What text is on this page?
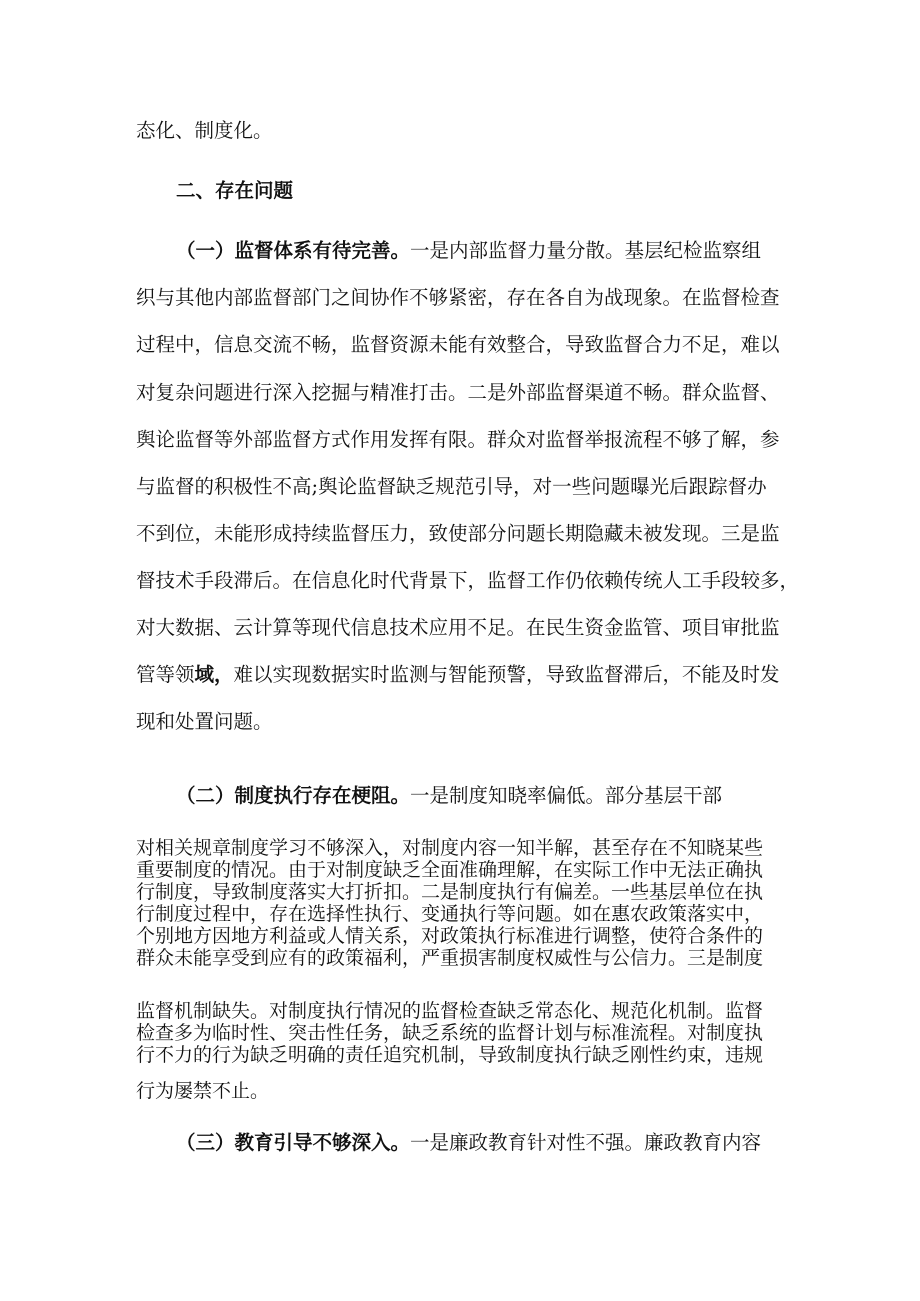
态化、制度化。
二、存在问题
（一）监督体系有待完善。一是内部监督力量分散。基层纪检监察组
织与其他内部监督部门之间协作不够紧密，存在各自为战现象。在监督检查
过程中，信息交流不畅，监督资源未能有效整合，导致监督合力不足，难以
对复杂问题进行深入挖掘与精准打击。二是外部监督渠道不畅。群众监督、
舆论监督等外部监督方式作用发挥有限。群众对监督举报流程不够了解，参
与监督的积极性不高;舆论监督缺乏规范引导，对一些问题曝光后跟踪督办
不到位，未能形成持续监督压力，致使部分问题长期隐藏未被发现。三是监
督技术手段滞后。在信息化时代背景下，监督工作仍依赖传统人工手段较多，
对大数据、云计算等现代信息技术应用不足。在民生资金监管、项目审批监
管等领域，难以实现数据实时监测与智能预警，导致监督滞后，不能及时发
现和处置问题。
（二）制度执行存在梗阻。一是制度知晓率偏低。部分基层干部
对相关规章制度学习不够深入，对制度内容一知半解，甚至存在不知晓某些
重要制度的情况。由于对制度缺乏全面准确理解，在实际工作中无法正确执
行制度，导致制度落实大打折扣。二是制度执行有偏差。一些基层单位在执
行制度过程中，存在选择性执行、变通执行等问题。如在惠农政策落实中，
个别地方因地方利益或人情关系，对政策执行标准进行调整，使符合条件的
群众未能享受到应有的政策福利，严重损害制度权威性与公信力。三是制度
监督机制缺失。对制度执行情况的监督检查缺乏常态化、规范化机制。监督
检查多为临时性、突击性任务，缺乏系统的监督计划与标准流程。对制度执
行不力的行为缺乏明确的责任追究机制，导致制度执行缺乏刚性约束，违规
行为屡禁不止。
（三）教育引导不够深入。一是廉政教育针对性不强。廉政教育内容
